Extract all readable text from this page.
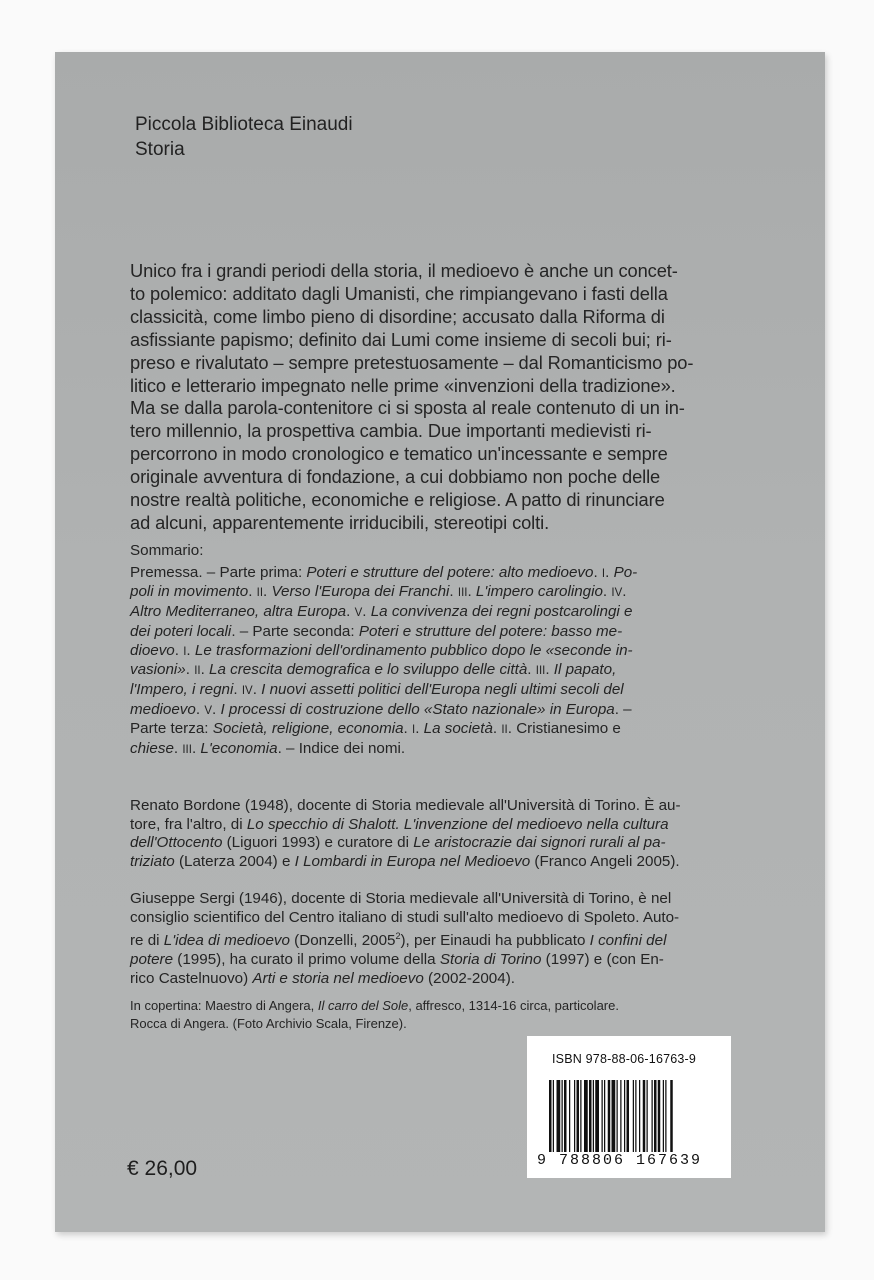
Piccola Biblioteca Einaudi
Storia
Unico fra i grandi periodi della storia, il medioevo è anche un concet-
to polemico: additato dagli Umanisti, che rimpiangevano i fasti della
classicità, come limbo pieno di disordine; accusato dalla Riforma di
asfissiante papismo; definito dai Lumi come insieme di secoli bui; ri-
preso e rivalutato – sempre pretestuosamente – dal Romanticismo po-
litico e letterario impegnato nelle prime «invenzioni della tradizione».
Ma se dalla parola-contenitore ci si sposta al reale contenuto di un in-
tero millennio, la prospettiva cambia. Due importanti medievisti ri-
percorrono in modo cronologico e tematico un'incessante e sempre
originale avventura di fondazione, a cui dobbiamo non poche delle
nostre realtà politiche, economiche e religiose. A patto di rinunciare
ad alcuni, apparentemente irriducibili, stereotipi colti.
Sommario:
Premessa. – Parte prima: Poteri e strutture del potere: alto medioevo. I. Po-
poli in movimento. II. Verso l'Europa dei Franchi. III. L'impero carolingio. IV.
Altro Mediterraneo, altra Europa. V. La convivenza dei regni postcarolingi e
dei poteri locali. – Parte seconda: Poteri e strutture del potere: basso me-
dioevo. I. Le trasformazioni dell'ordinamento pubblico dopo le «seconde in-
vasioni». II. La crescita demografica e lo sviluppo delle città. III. Il papato,
l'Impero, i regni. IV. I nuovi assetti politici dell'Europa negli ultimi secoli del
medioevo. V. I processi di costruzione dello «Stato nazionale» in Europa. –
Parte terza: Società, religione, economia. I. La società. II. Cristianesimo e
chiese. III. L'economia. – Indice dei nomi.
Renato Bordone (1948), docente di Storia medievale all'Università di Torino. È au-
tore, fra l'altro, di Lo specchio di Shalott. L'invenzione del medioevo nella cultura
dell'Ottocento (Liguori 1993) e curatore di Le aristocrazie dai signori rurali al pa-
triziato (Laterza 2004) e I Lombardi in Europa nel Medioevo (Franco Angeli 2005).
Giuseppe Sergi (1946), docente di Storia medievale all'Università di Torino, è nel
consiglio scientifico del Centro italiano di studi sull'alto medioevo di Spoleto. Auto-
re di L'idea di medioevo (Donzelli, 2005$^2$), per Einaudi ha pubblicato I confini del
potere (1995), ha curato il primo volume della Storia di Torino (1997) e (con En-
rico Castelnuovo) Arti e storia nel medioevo (2002-2004).
In copertina: Maestro di Angera, Il carro del Sole, affresco, 1314-16 circa, particolare.
Rocca di Angera. (Foto Archivio Scala, Firenze).
€ 26,00
ISBN 978-88-06-16763-9
9 788806 167639
